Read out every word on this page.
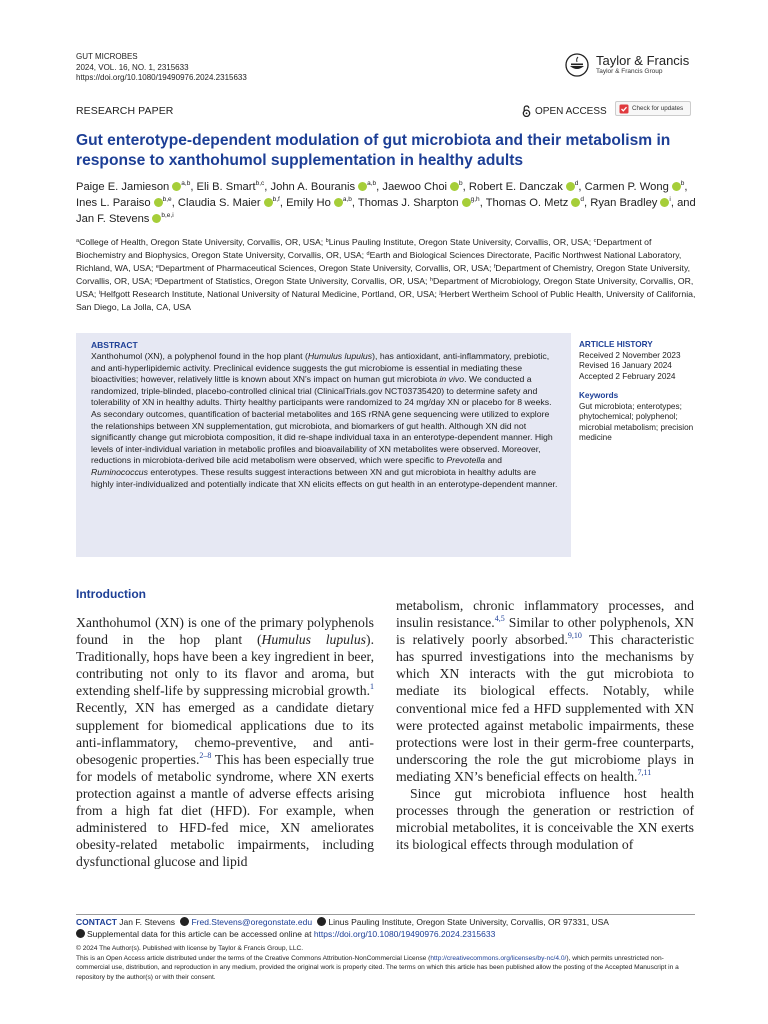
GUT MICROBES
2024, VOL. 16, NO. 1, 2315633
https://doi.org/10.1080/19490976.2024.2315633
Taylor & Francis
Taylor & Francis Group
RESEARCH PAPER	OPEN ACCESS	Check for updates
Gut enterotype-dependent modulation of gut microbiota and their metabolism in response to xanthohumol supplementation in healthy adults
Paige E. Jamieson $^{a,b}$, Eli B. Smart$^{b,c}$, John A. Bouranis $^{a,b}$, Jaewoo Choi $^b$, Robert E. Danczak $^d$, Carmen P. Wong $^b$, Ines L. Paraiso $^{b,e}$, Claudia S. Maier $^{b,f}$, Emily Ho $^{a,b}$, Thomas J. Sharpton $^{g,h}$, Thomas O. Metz $^d$, Ryan Bradley $^i$, and Jan F. Stevens $^{b,e,i}$
$^a$College of Health, Oregon State University, Corvallis, OR, USA; $^b$Linus Pauling Institute, Oregon State University, Corvallis, OR, USA; $^c$Department of Biochemistry and Biophysics, Oregon State University, Corvallis, OR, USA; $^d$Earth and Biological Sciences Directorate, Pacific Northwest National Laboratory, Richland, WA, USA; $^e$Department of Pharmaceutical Sciences, Oregon State University, Corvallis, OR, USA; $^f$Department of Chemistry, Oregon State University, Corvallis, OR, USA; $^g$Department of Statistics, Oregon State University, Corvallis, OR, USA; $^h$Department of Microbiology, Oregon State University, Corvallis, OR, USA; $^i$Helfgott Research Institute, National University of Natural Medicine, Portland, OR, USA; $^j$Herbert Wertheim School of Public Health, University of California, San Diego, La Jolla, CA, USA
ABSTRACT
Xanthohumol (XN), a polyphenol found in the hop plant (Humulus lupulus), has antioxidant, anti-inflammatory, prebiotic, and anti-hyperlipidemic activity. Preclinical evidence suggests the gut microbiome is essential in mediating these bioactivities; however, relatively little is known about XN’s impact on human gut microbiota in vivo. We conducted a randomized, triple-blinded, placebo-controlled clinical trial (ClinicalTrials.gov NCT03735420) to determine safety and tolerability of XN in healthy adults. Thirty healthy participants were randomized to 24 mg/day XN or placebo for 8 weeks. As secondary outcomes, quantification of bacterial metabolites and 16S rRNA gene sequencing were utilized to explore the relationships between XN supplementation, gut microbiota, and biomarkers of gut health. Although XN did not significantly change gut microbiota composition, it did re-shape individual taxa in an enterotype-dependent manner. High levels of inter-individual variation in metabolic profiles and bioavailability of XN metabolites were observed. Moreover, reductions in microbiota-derived bile acid metabolism were observed, which were specific to Prevotella and Ruminococcus enterotypes. These results suggest interactions between XN and gut microbiota in healthy adults are highly inter-individualized and potentially indicate that XN elicits effects on gut health in an enterotype-dependent manner.
ARTICLE HISTORY
Received 2 November 2023
Revised 16 January 2024
Accepted 2 February 2024
Keywords
Gut microbiota; enterotypes; phytochemical; polyphenol; microbial metabolism; precision medicine
Introduction
Xanthohumol (XN) is one of the primary polyphenols found in the hop plant (Humulus lupulus). Traditionally, hops have been a key ingredient in beer, contributing not only to its flavor and aroma, but extending shelf-life by suppressing microbial growth.$^1$ Recently, XN has emerged as a candidate dietary supplement for biomedical applications due to its anti-inflammatory, chemo-preventive, and anti-obesogenic properties.$^{2-8}$ This has been especially true for models of metabolic syndrome, where XN exerts protection against a mantle of adverse effects arising from a high fat diet (HFD). For example, when administered to HFD-fed mice, XN ameliorates obesity-related metabolic impairments, including dysfunctional glucose and lipid
metabolism, chronic inflammatory processes, and insulin resistance.$^{4,5}$ Similar to other polyphenols, XN is relatively poorly absorbed.$^{9,10}$ This characteristic has spurred investigations into the mechanisms by which XN interacts with the gut microbiota to mediate its biological effects. Notably, while conventional mice fed a HFD supplemented with XN were protected against metabolic impairments, these protections were lost in their germ-free counterparts, underscoring the role the gut microbiome plays in mediating XN’s beneficial effects on health.$^{7,11}$
Since gut microbiota influence host health processes through the generation or restriction of microbial metabolites, it is conceivable the XN exerts its biological effects through modulation of
CONTACT Jan F. Stevens Fred.Stevens@oregonstate.edu Linus Pauling Institute, Oregon State University, Corvallis, OR 97331, USA
Supplemental data for this article can be accessed online at https://doi.org/10.1080/19490976.2024.2315633
© 2024 The Author(s). Published with license by Taylor & Francis Group, LLC.
This is an Open Access article distributed under the terms of the Creative Commons Attribution-NonCommercial License (http://creativecommons.org/licenses/by-nc/4.0/), which permits unrestricted non-commercial use, distribution, and reproduction in any medium, provided the original work is properly cited. The terms on which this article has been published allow the posting of the Accepted Manuscript in a repository by the author(s) or with their consent.
